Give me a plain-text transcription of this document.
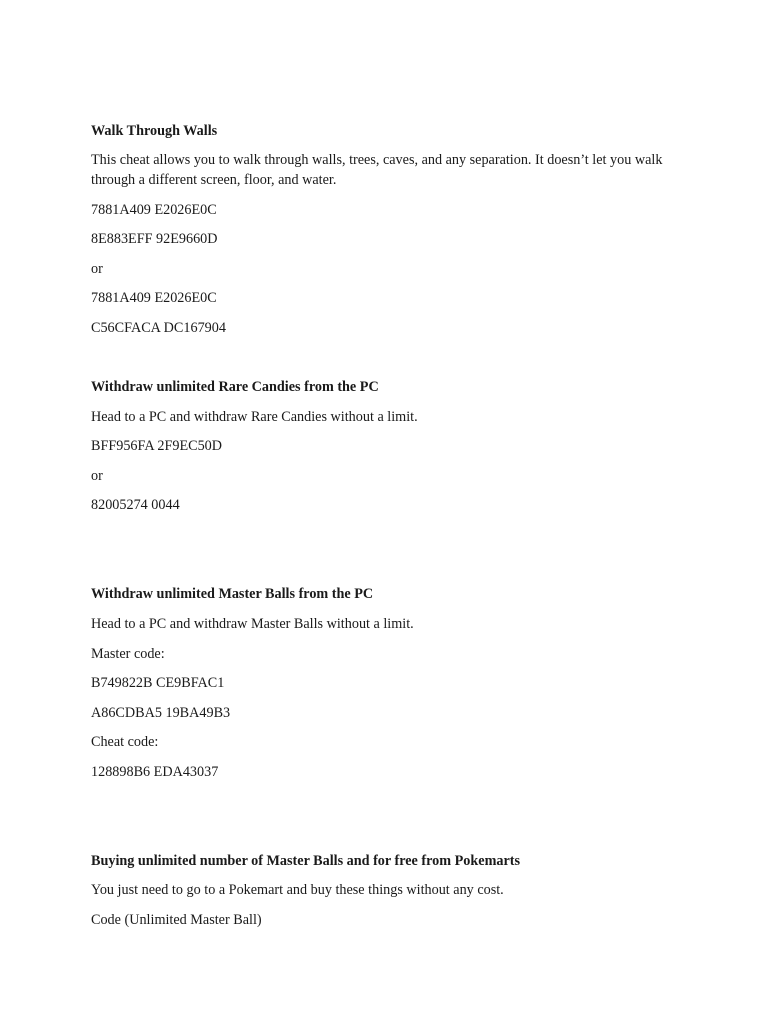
Walk Through Walls
This cheat allows you to walk through walls, trees, caves, and any separation. It doesn’t let you walk through a different screen, floor, and water.
7881A409 E2026E0C
8E883EFF 92E9660D
or
7881A409 E2026E0C
C56CFACA DC167904
Withdraw unlimited Rare Candies from the PC
Head to a PC and withdraw Rare Candies without a limit.
BFF956FA 2F9EC50D
or
82005274 0044
Withdraw unlimited Master Balls from the PC
Head to a PC and withdraw Master Balls without a limit.
Master code:
B749822B CE9BFAC1
A86CDBA5 19BA49B3
Cheat code:
128898B6 EDA43037
Buying unlimited number of Master Balls and for free from Pokemarts
You just need to go to a Pokemart and buy these things without any cost.
Code (Unlimited Master Ball)
